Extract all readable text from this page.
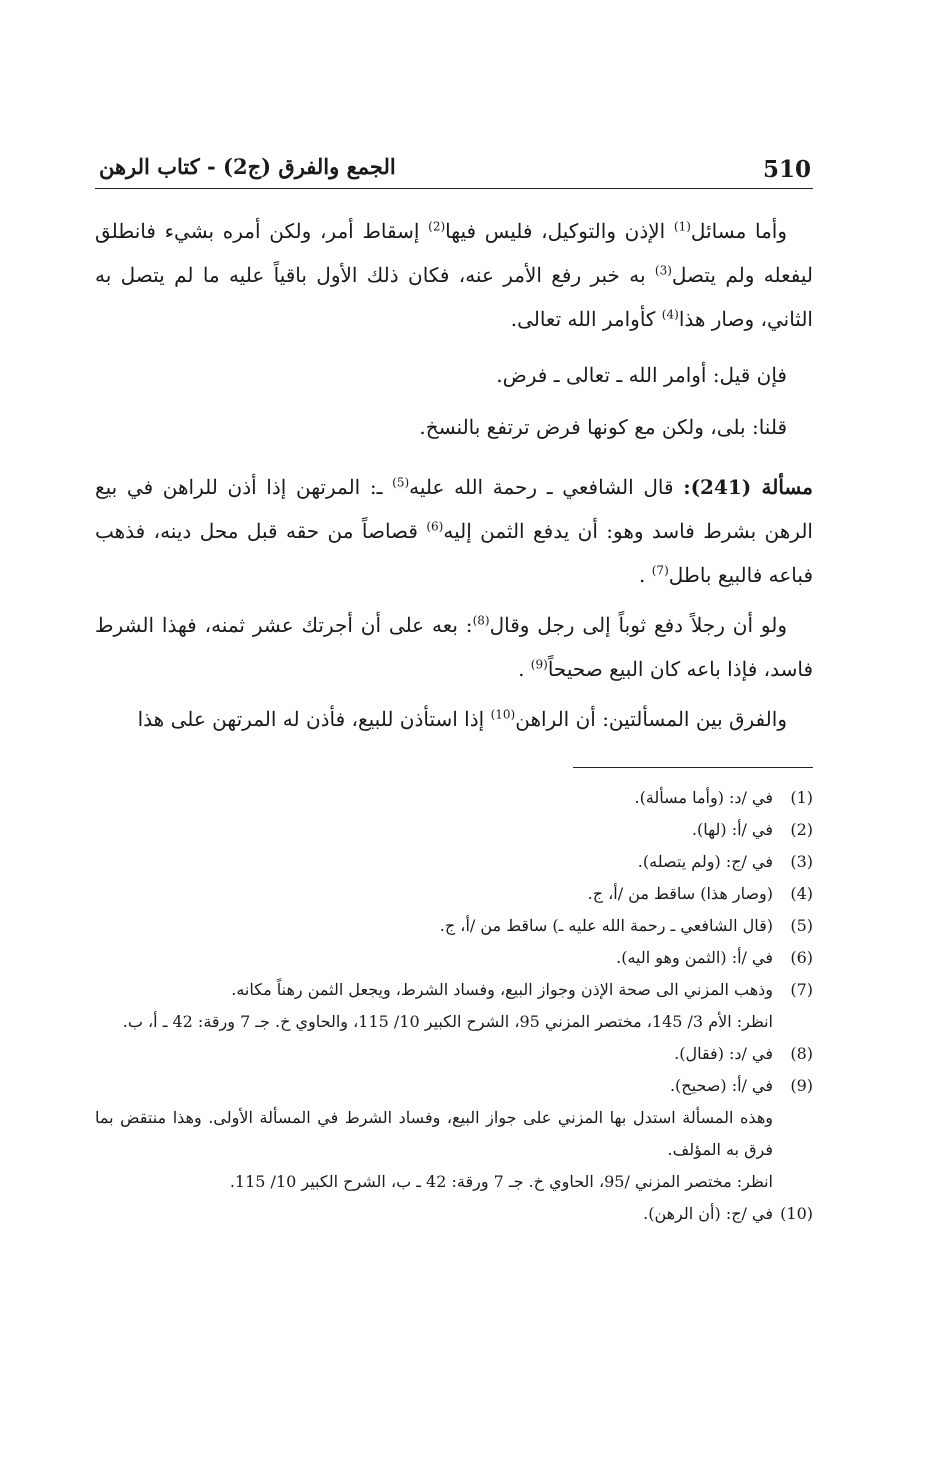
510
الجمع والفرق (ج2) - كتاب الرهن

وأما مسائل$^{(1)}$ الإذن والتوكيل، فليس فيها$^{(2)}$ إسقاط أمر، ولكن أمره بشيء فانطلق ليفعله ولم يتصل$^{(3)}$ به خبر رفع الأمر عنه، فكان ذلك الأول باقياً عليه ما لم يتصل به الثاني، وصار هذا$^{(4)}$ كأوامر الله تعالى.

فإن قيل: أوامر الله ـ تعالى ـ فرض.

قلنا: بلى، ولكن مع كونها فرض ترتفع بالنسخ.

مسألة (241): قال الشافعي ـ رحمة الله عليه$^{(5)}$ ـ: المرتهن إذا أذن للراهن في بيع الرهن بشرط فاسد وهو: أن يدفع الثمن إليه$^{(6)}$ قصاصاً من حقه قبل محل دينه، فذهب فباعه فالبيع باطل$^{(7)}$ .

ولو أن رجلاً دفع ثوباً إلى رجل وقال$^{(8)}$: بعه على أن أجرتك عشر ثمنه، فهذا الشرط فاسد، فإذا باعه كان البيع صحيحاً$^{(9)}$ .

والفرق بين المسألتين: أن الراهن$^{(10)}$ إذا استأذن للبيع، فأذن له المرتهن على هذا

(1)
في /د: (وأما مسألة).
(2)
في /أ: (لها).
(3)
في /ج: (ولم يتصله).
(4)
(وصار هذا) ساقط من /أ، ج.
(5)
(قال الشافعي ـ رحمة الله عليه ـ) ساقط من /أ، ج.
(6)
في /أ: (الثمن وهو اليه).
(7)
وذهب المزني الى صحة الإذن وجواز البيع، وفساد الشرط، ويجعل الثمن رهناً مكانه.
انظر: الأم 3/ 145، مختصر المزني 95، الشرح الكبير 10/ 115، والحاوي خ. جـ 7 ورقة: 42 ـ أ، ب.
(8)
في /د: (فقال).
(9)
في /أ: (صحيح).
وهذه المسألة استدل بها المزني على جواز البيع، وفساد الشرط في المسألة الأولى. وهذا منتقض بما فرق به المؤلف.
انظر: مختصر المزني /95، الحاوي خ. جـ 7 ورقة: 42 ـ ب، الشرح الكبير 10/ 115.
(10)
في /ج: (أن الرهن).
